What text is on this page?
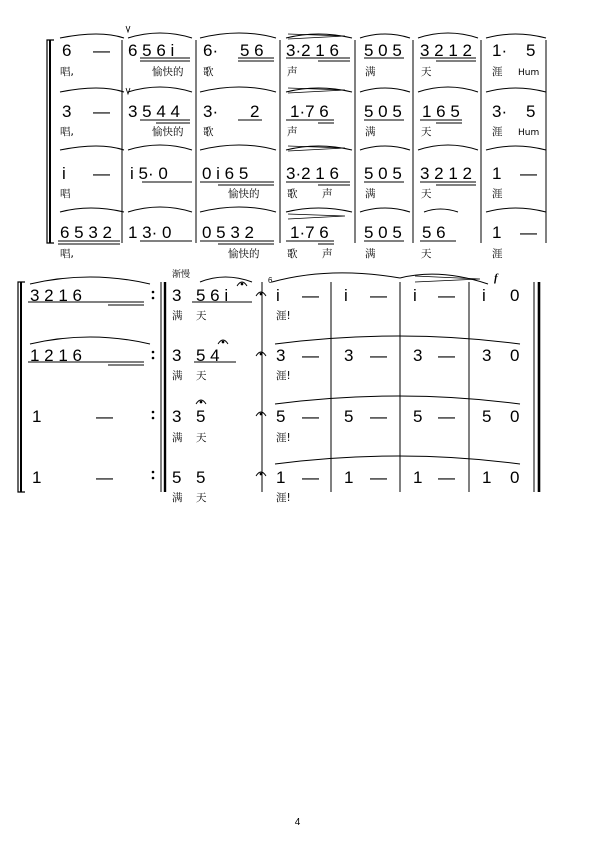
6 — 6 5 6 i 6· 5 6 3·2 1 6 5 0 5 3 2 1 2 1· 5
唱,	愉快的 歌	声	满	天	涯 Hum
3 — 3 5 4 4 3· 2 1·7 6 5 0 5 1 6 5 3· 5
唱,	愉快的 歌	声	满	天	涯 Hum
i — i 5· 0 0 i 6 5 3·2 1 6 5 0 5 3 2 1 2 1 —
唱	愉快的	歌 声	满	天	涯
6 5 3 2 1 3· 0 0 5 3 2 1·7 6 5 0 5 5 6	1 —
唱,	愉快的	歌 声	满	天	涯
渐慢
6	f
3 2 1 6	3 5 6 i	i — i — i — i 0
满 天	涯!
1 2 1 6	3 5 4	3 — 3 — 3 — 3 0
满 天	涯!
1	—	3 5	5 — 5 — 5 — 5 0
满 天	涯!
1	—	5 5	1 — 1 — 1 — 1 0
满 天	涯!
4
